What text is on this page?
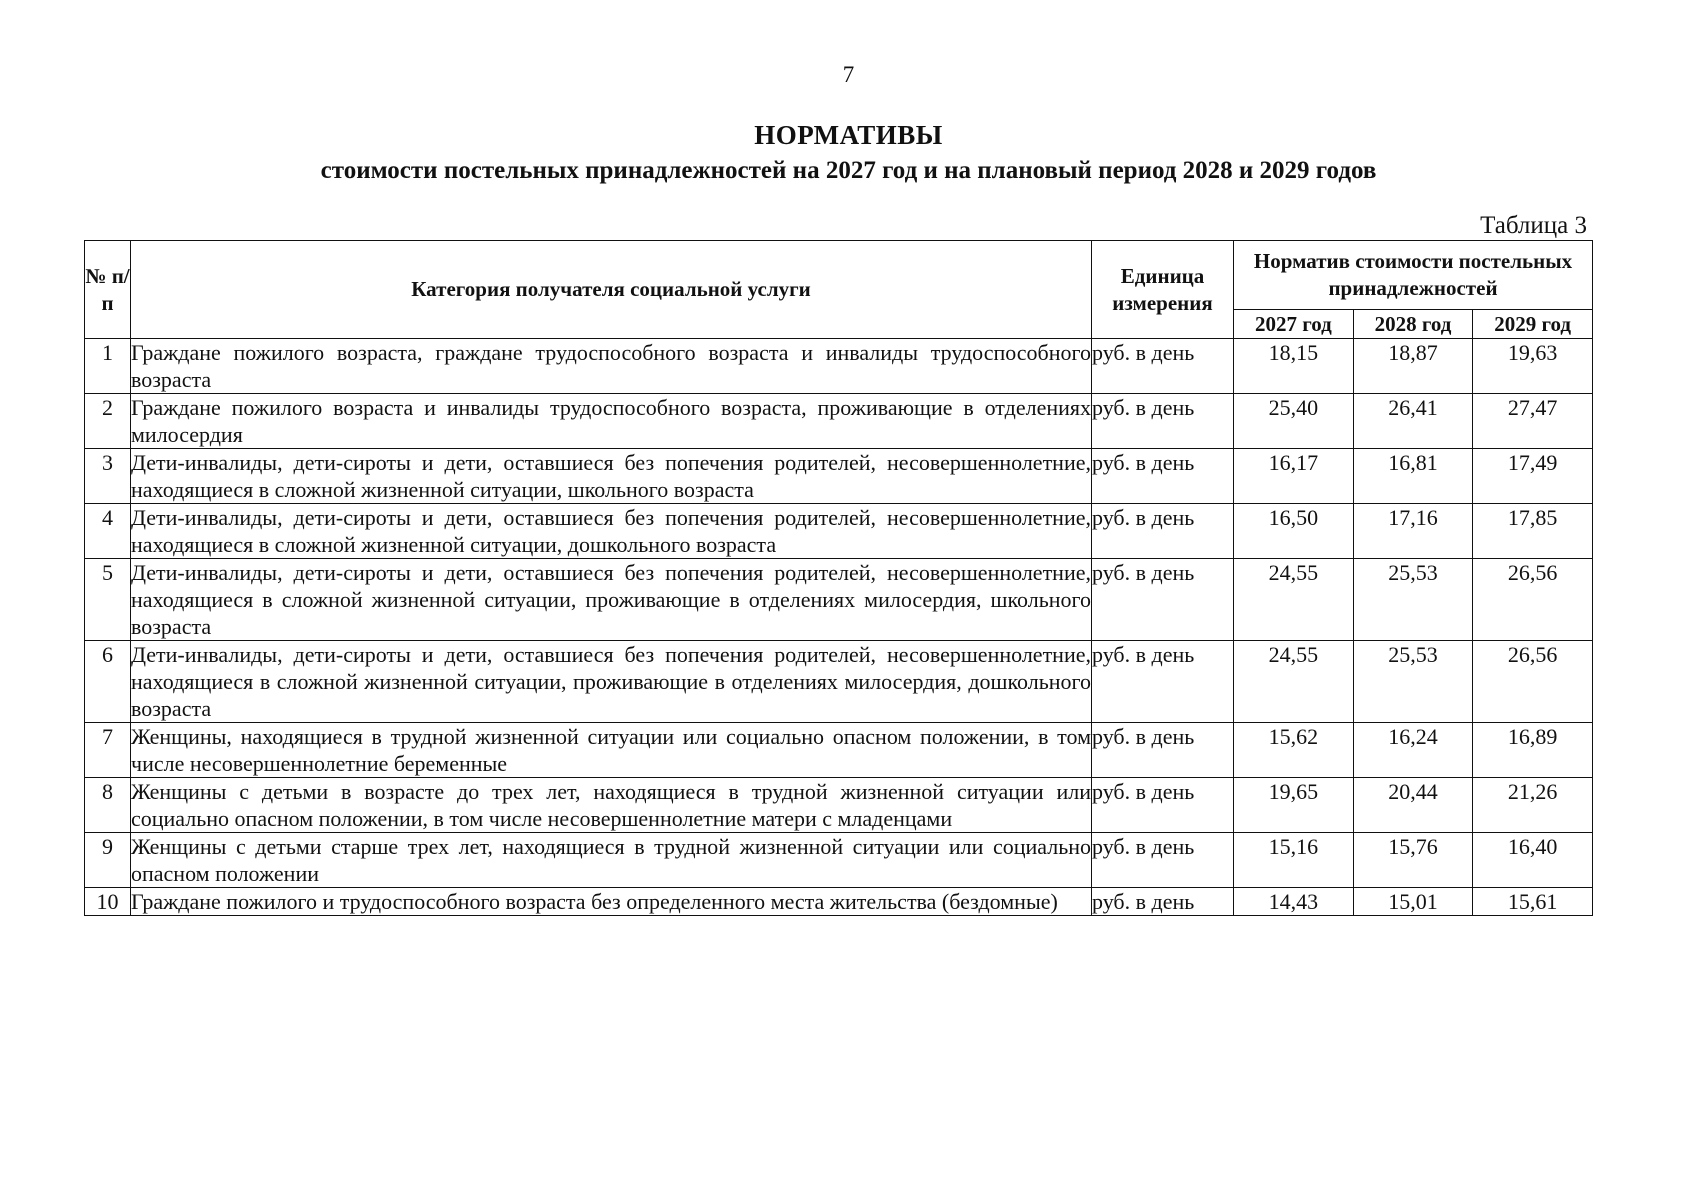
7
НОРМАТИВЫ
стоимости постельных принадлежностей на 2027 год и на плановый период 2028 и 2029 годов
Таблица 3
№ п/п	Категория получателя социальной услуги	Единица измерения	Норматив стоимости постельных принадлежностей		
			2027 год	2028 год	2029 год
1	Граждане пожилого возраста, граждане трудоспособного возраста и инвалиды трудоспособного возраста	руб. в день	18,15	18,87	19,63
2	Граждане пожилого возраста и инвалиды трудоспособного возраста, проживающие в отделениях милосердия	руб. в день	25,40	26,41	27,47
3	Дети-инвалиды, дети-сироты и дети, оставшиеся без попечения родителей, несовершеннолетние, находящиеся в сложной жизненной ситуации, школьного возраста	руб. в день	16,17	16,81	17,49
4	Дети-инвалиды, дети-сироты и дети, оставшиеся без попечения родителей, несовершеннолетние, находящиеся в сложной жизненной ситуации, дошкольного возраста	руб. в день	16,50	17,16	17,85
5	Дети-инвалиды, дети-сироты и дети, оставшиеся без попечения родителей, несовершеннолетние, находящиеся в сложной жизненной ситуации, проживающие в отделениях милосердия, школьного возраста	руб. в день	24,55	25,53	26,56
6	Дети-инвалиды, дети-сироты и дети, оставшиеся без попечения родителей, несовершеннолетние, находящиеся в сложной жизненной ситуации, проживающие в отделениях милосердия, дошкольного возраста	руб. в день	24,55	25,53	26,56
7	Женщины, находящиеся в трудной жизненной ситуации или социально опасном положении, в том числе несовершеннолетние беременные	руб. в день	15,62	16,24	16,89
8	Женщины с детьми в возрасте до трех лет, находящиеся в трудной жизненной ситуации или социально опасном положении, в том числе несовершеннолетние матери с младенцами	руб. в день	19,65	20,44	21,26
9	Женщины с детьми старше трех лет, находящиеся в трудной жизненной ситуации или социально опасном положении	руб. в день	15,16	15,76	16,40
10	Граждане пожилого и трудоспособного возраста без определенного места жительства (бездомные)	руб. в день	14,43	15,01	15,61
